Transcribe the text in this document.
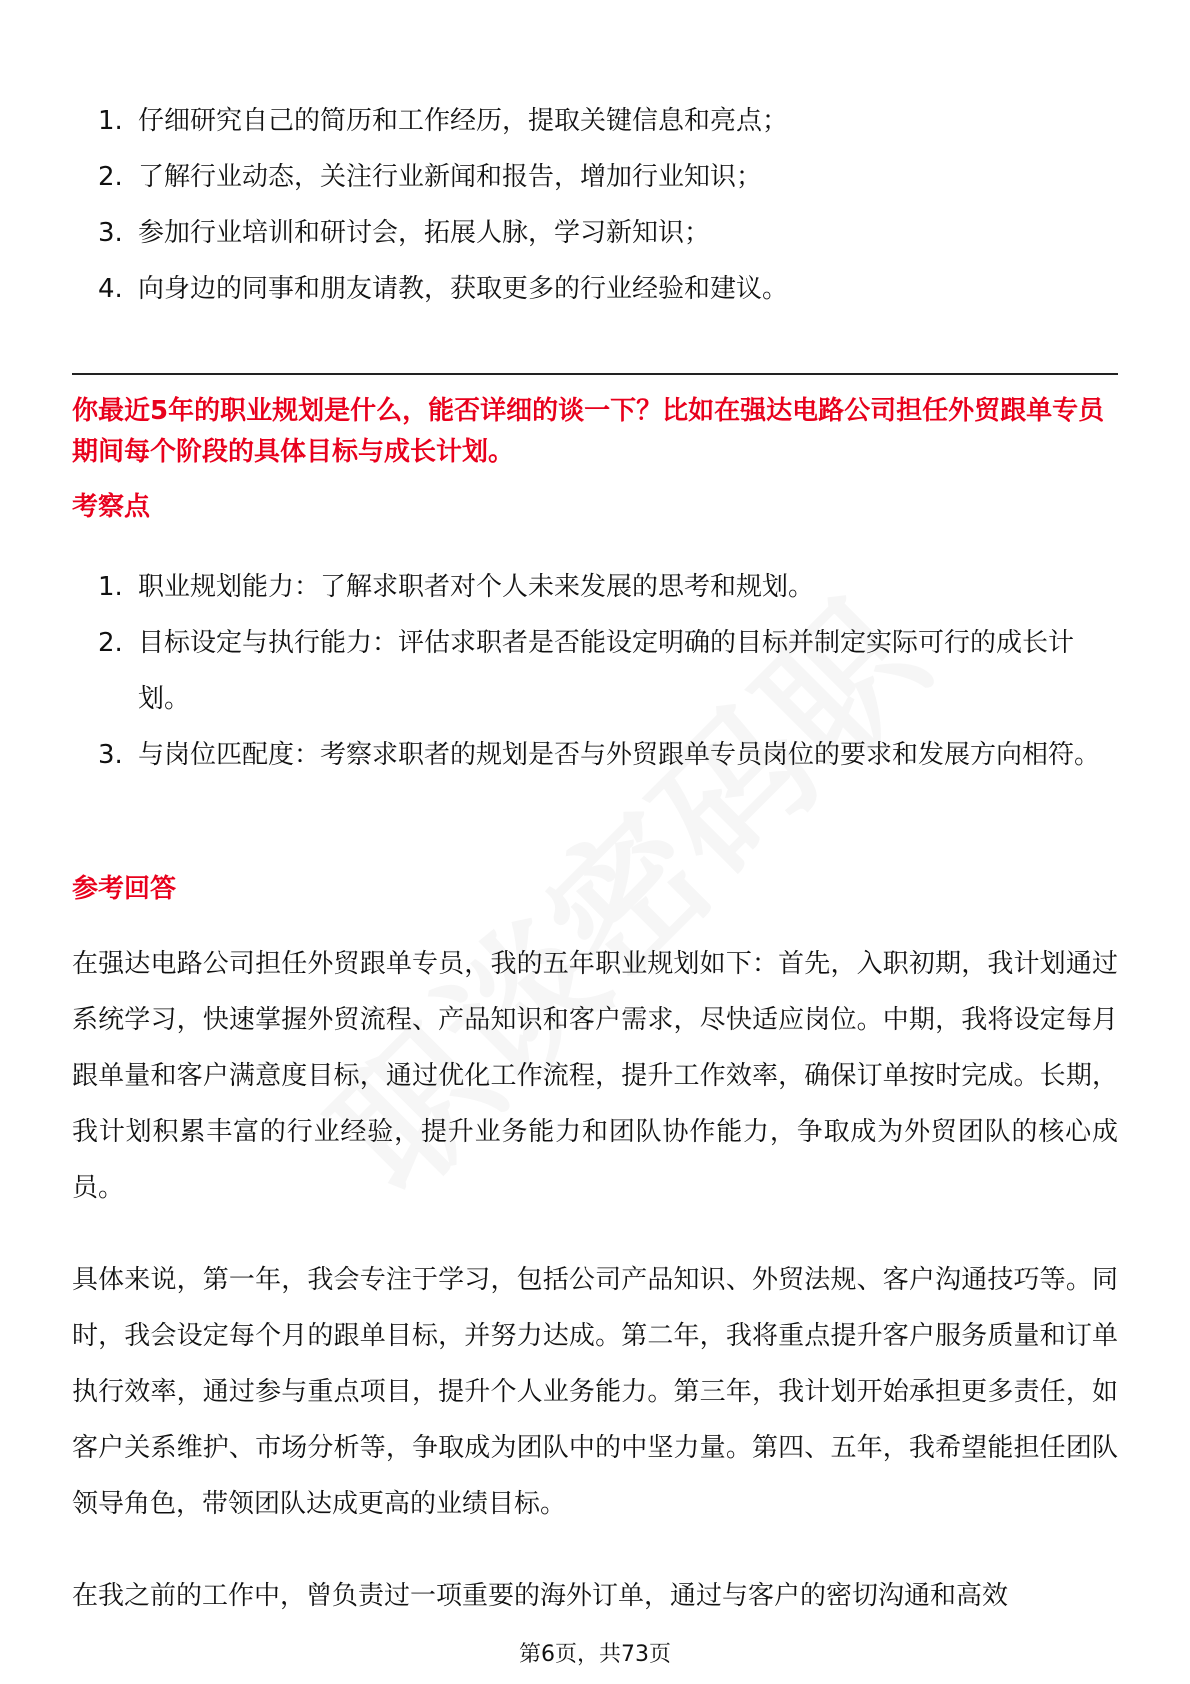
1. 仔细研究自己的简历和工作经历，提取关键信息和亮点；
2. 了解行业动态，关注行业新闻和报告，增加行业知识；
3. 参加行业培训和研讨会，拓展人脉，学习新知识；
4. 向身边的同事和朋友请教，获取更多的行业经验和建议。
你最近5年的职业规划是什么，能否详细的谈一下？比如在强达电路公司担任外贸跟单专员期间每个阶段的具体目标与成长计划。
考察点
1. 职业规划能力：了解求职者对个人未来发展的思考和规划。
2. 目标设定与执行能力：评估求职者是否能设定明确的目标并制定实际可行的成长计划。
3. 与岗位匹配度：考察求职者的规划是否与外贸跟单专员岗位的要求和发展方向相符。
参考回答

在强达电路公司担任外贸跟单专员，我的五年职业规划如下：首先，入职初期，我计划通过系统学习，快速掌握外贸流程、产品知识和客户需求，尽快适应岗位。中期，我将设定每月跟单量和客户满意度目标，通过优化工作流程，提升工作效率，确保订单按时完成。长期，我计划积累丰富的行业经验，提升业务能力和团队协作能力，争取成为外贸团队的核心成员。

具体来说，第一年，我会专注于学习，包括公司产品知识、外贸法规、客户沟通技巧等。同时，我会设定每个月的跟单目标，并努力达成。第二年，我将重点提升客户服务质量和订单执行效率，通过参与重点项目，提升个人业务能力。第三年，我计划开始承担更多责任，如客户关系维护、市场分析等，争取成为团队中的中坚力量。第四、五年，我希望能担任团队领导角色，带领团队达成更高的业绩目标。

在我之前的工作中，曾负责过一项重要的海外订单，通过与客户的密切沟通和高效

第6页，共73页
